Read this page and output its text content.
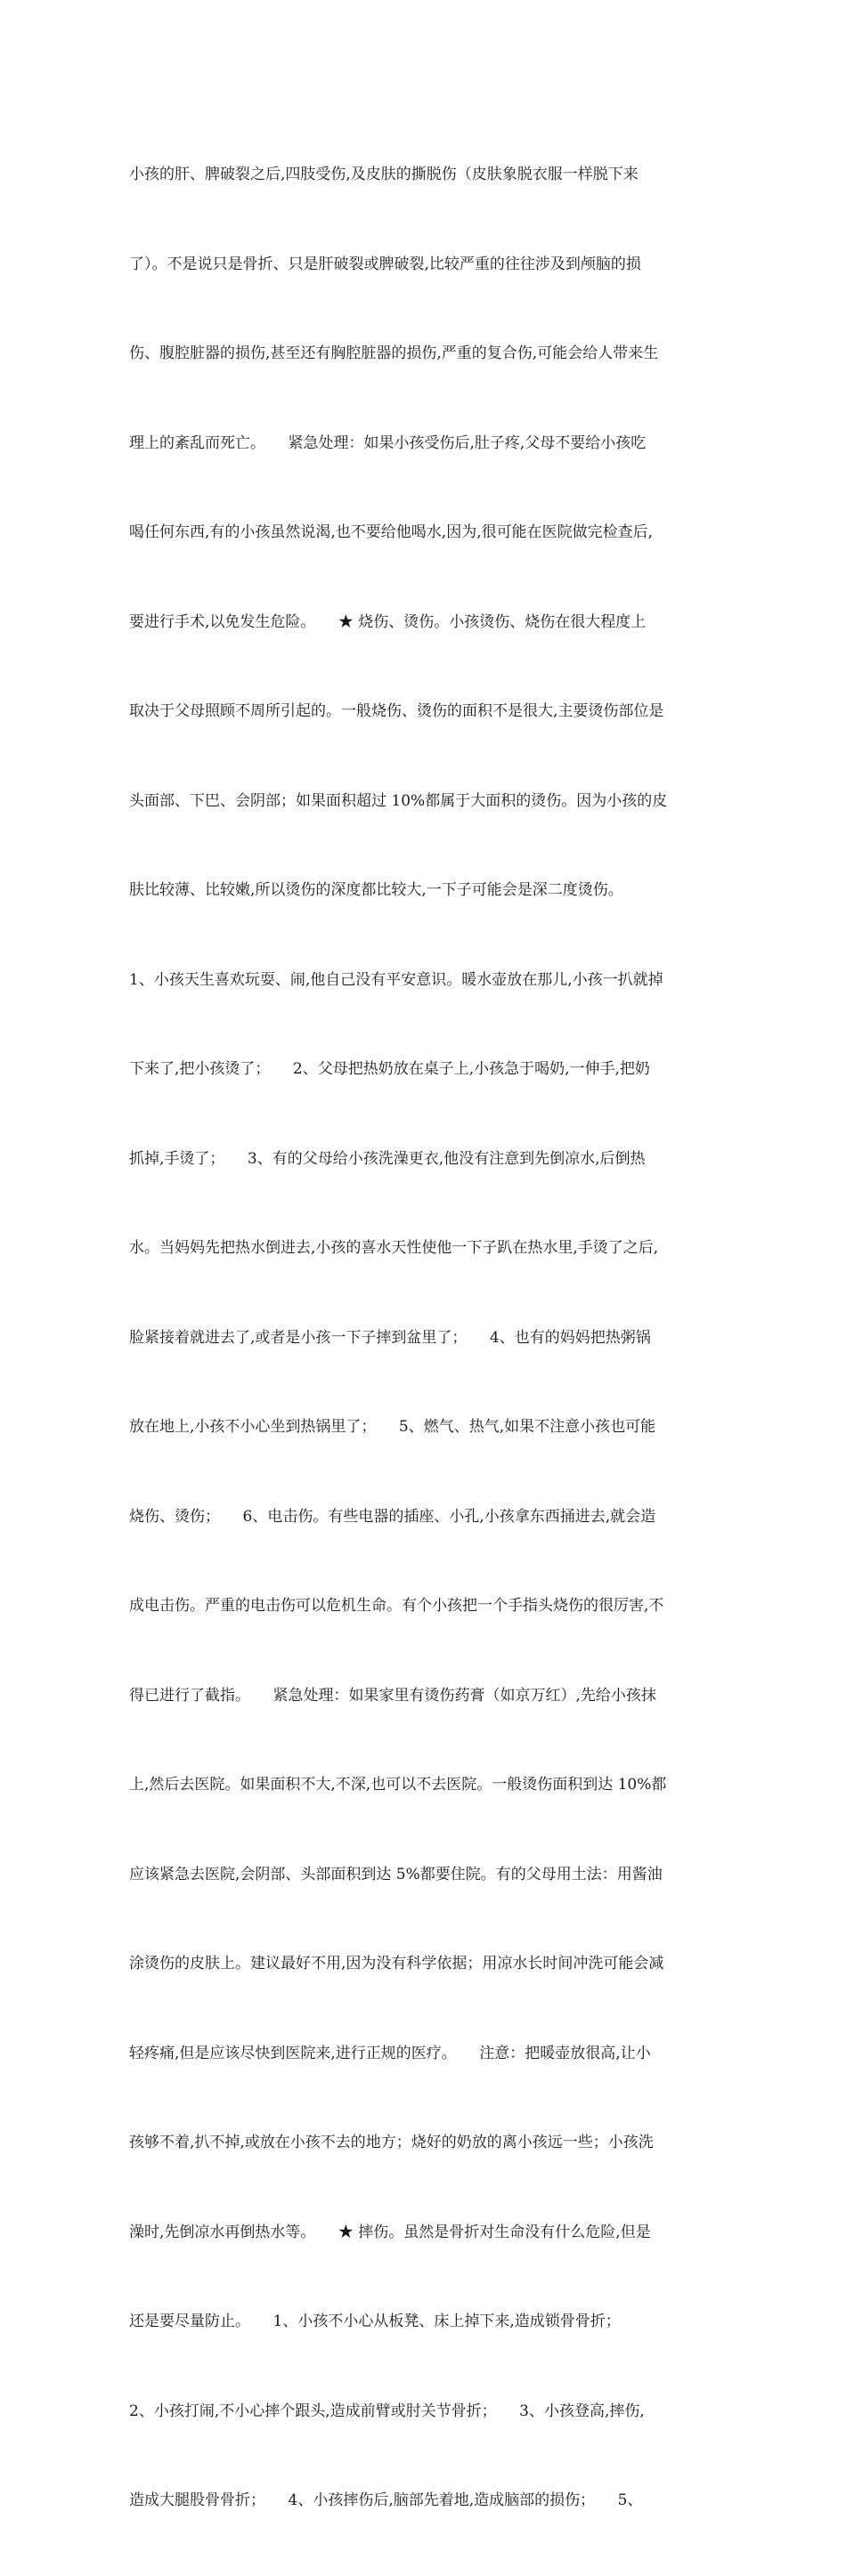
小孩的肝、脾破裂之后,四肢受伤,及皮肤的撕脱伤（皮肤象脱衣服一样脱下来

了）。不是说只是骨折、只是肝破裂或脾破裂,比较严重的往往涉及到颅脑的损

伤、腹腔脏器的损伤,甚至还有胸腔脏器的损伤,严重的复合伤,可能会给人带来生

理上的紊乱而死亡。　　紧急处理：如果小孩受伤后,肚子疼,父母不要给小孩吃

喝任何东西,有的小孩虽然说渴,也不要给他喝水,因为,很可能在医院做完检查后,

要进行手术,以免发生危险。　　★ 烧伤、烫伤。小孩烫伤、烧伤在很大程度上

取决于父母照顾不周所引起的。一般烧伤、烫伤的面积不是很大,主要烫伤部位是

头面部、下巴、会阴部；如果面积超过 10%都属于大面积的烫伤。因为小孩的皮

肤比较薄、比较嫩,所以烫伤的深度都比较大,一下子可能会是深二度烫伤。

1、小孩天生喜欢玩耍、闹,他自己没有平安意识。暖水壶放在那儿,小孩一扒就掉

下来了,把小孩烫了；　　2、父母把热奶放在桌子上,小孩急于喝奶,一伸手,把奶

抓掉,手烫了；　　3、有的父母给小孩洗澡更衣,他没有注意到先倒凉水,后倒热

水。当妈妈先把热水倒进去,小孩的喜水天性使他一下子趴在热水里,手烫了之后,

脸紧接着就进去了,或者是小孩一下子摔到盆里了；　　4、也有的妈妈把热粥锅

放在地上,小孩不小心坐到热锅里了；　　5、燃气、热气,如果不注意小孩也可能

烧伤、烫伤；　　6、电击伤。有些电器的插座、小孔,小孩拿东西捅进去,就会造

成电击伤。严重的电击伤可以危机生命。有个小孩把一个手指头烧伤的很厉害,不

得已进行了截指。　　紧急处理：如果家里有烫伤药膏（如京万红）,先给小孩抹

上,然后去医院。如果面积不大,不深,也可以不去医院。一般烫伤面积到达 10%都

应该紧急去医院,会阴部、头部面积到达 5%都要住院。有的父母用土法：用酱油

涂烫伤的皮肤上。建议最好不用,因为没有科学依据；用凉水长时间冲洗可能会减

轻疼痛,但是应该尽快到医院来,进行正规的医疗。　　注意：把暖壶放很高,让小

孩够不着,扒不掉,或放在小孩不去的地方；烧好的奶放的离小孩远一些；小孩洗

澡时,先倒凉水再倒热水等。　　★ 摔伤。虽然是骨折对生命没有什么危险,但是

还是要尽量防止。　　1、小孩不小心从板凳、床上掉下来,造成锁骨骨折；

2、小孩打闹,不小心摔个跟头,造成前臂或肘关节骨折；　　3、小孩登高,摔伤,

造成大腿股骨骨折；　　4、小孩摔伤后,脑部先着地,造成脑部的损伤；　　5、
